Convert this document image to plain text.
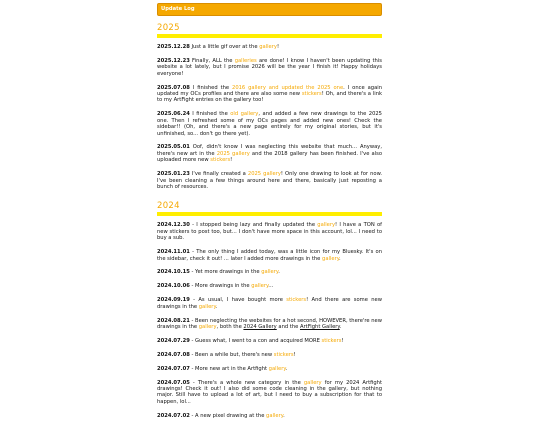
Update Log
2025
2025.12.28 Just a little gif over at the gallery!
2025.12.23 Finally, ALL the galleries are done! I know I haven't been updating this website a lot lately, but I promise 2026 will be the year I finish it! Happy holidays everyone!
2025.07.08 I finished the 2016 gallery and updated the 2025 one. I once again updated my OCs profiles and there are also some new stickers! Oh, and there's a link to my ArtFight entries on the gallery too!
2025.06.24 I finished the old gallery, and added a few new drawings to the 2025 one. Then I refreshed some of my OCs pages and added new ones! Check the sidebar!! (Oh, and there's a new page entirely for my original stories, but it's unfinished, so... don't go there yet).
2025.05.01 Oof, didn't know I was neglecting this website that much... Anyway, there's new art in the 2025 gallery and the 2018 gallery has been finished. I've also uploaded more new stickers!
2025.01.23 I've finally created a 2025 gallery! Only one drawing to look at for now. I've been cleaning a few things around here and there, basically just reposting a bunch of resources.
2024
2024.12.30 - I stopped being lazy and finally updated the gallery! I have a TON of new stickers to post too, but... I don't have more space in this account, lol... I need to buy a sub.
2024.11.01 - The only thing I added today, was a little icon for my Bluesky. It's on the sidebar, check it out! ... later I added more drawings in the gallery.
2024.10.15 - Yet more drawings in the gallery.
2024.10.06 - More drawings in the gallery...
2024.09.19 - As usual, I have bought more stickers! And there are some new drawings in the gallery.
2024.08.21 - Been neglecting the websites for a hot second, HOWEVER, there're new drawings in the gallery, both the 2024 Gallery and the ArtFight Gallery.
2024.07.29 - Guess what, I went to a con and acquired MORE stickers!
2024.07.08 - Been a while but, there's new stickers!
2024.07.07 - More new art in the Artfight gallery.
2024.07.05 - There's a whole new category in the gallery for my 2024 Artfight drawings! Check it out! I also did some code cleaning in the gallery, but nothing major. Still have to upload a lot of art, but I need to buy a subscription for that to happen, lol...
2024.07.02 - A new pixel drawing at the gallery.
